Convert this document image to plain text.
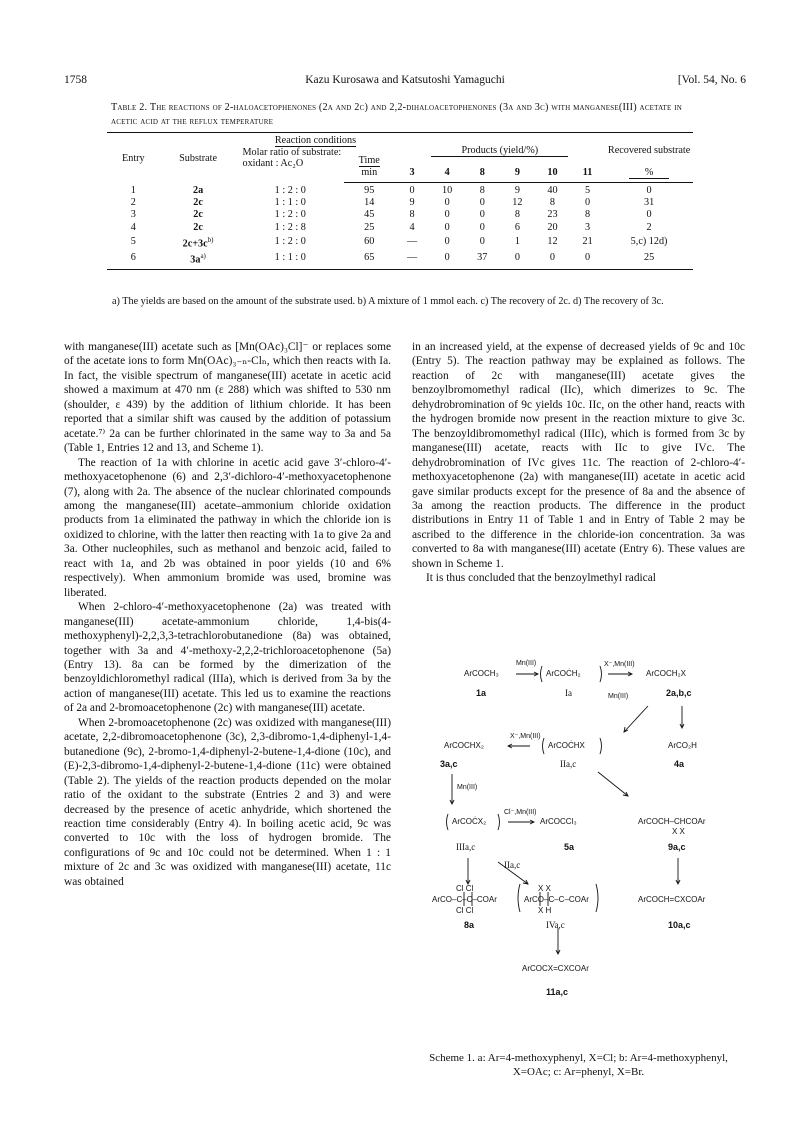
1758	Kazu Kurosawa and Katsutoshi Yamaguchi	[Vol. 54, No. 6
Table 2. The reactions of 2-haloacetophenones (2a and 2c) and 2,2-dihaloacetophenones (3a and 3c) with manganese(III) acetate in acetic acid at the reflux temperature
Entry	Substrate	Reaction conditions		Products (yield/%)						Recovered substrate
		Molar ratio of substrate: oxidant : Ac₂O	Time							
			min	3	4	8	9	10	11	%
1	2a	1 : 2 : 0	95	0	10	8	9	40	5	0
2	2c	1 : 1 : 0	14	9	0	0	12	8	0	31
3	2c	1 : 2 : 0	45	8	0	0	8	23	8	0
4	2c	1 : 2 : 8	25	4	0	0	6	20	3	2
5	$2c+3c^{b)}$	1 : 2 : 0	60	—	0	0	1	12	21	5,c) 12d)
6	$3a^{a)}$	1 : 1 : 0	65	—	0	37	0	0	0	25
a) The yields are based on the amount of the substrate used. b) A mixture of 1 mmol each. c) The recovery of 2c. d) The recovery of 3c.

with manganese(III) acetate such as [Mn(OAc)₃Cl]⁻ or replaces some of the acetate ions to form Mn(OAc)₃₋ₙ-Clₙ, which then reacts with Ia. In fact, the visible spectrum of manganese(III) acetate in acetic acid showed a maximum at 470 nm (ε 288) which was shifted to 530 nm (shoulder, ε 439) by the addition of lithium chloride. It has been reported that a similar shift was caused by the addition of potassium acetate.⁷⁾ 2a can be further chlorinated in the same way to 3a and 5a (Table 1, Entries 12 and 13, and Scheme 1).

The reaction of 1a with chlorine in acetic acid gave 3′-chloro-4′-methoxyacetophenone (6) and 2,3′-dichloro-4′-methoxyacetophenone (7), along with 2a. The absence of the nuclear chlorinated compounds among the manganese(III) acetate–ammonium chloride oxidation products from 1a eliminated the pathway in which the chloride ion is oxidized to chlorine, with the latter then reacting with 1a to give 2a and 3a. Other nucleophiles, such as methanol and benzoic acid, failed to react with 1a, and 2b was obtained in poor yields (10 and 6% respectively). When ammonium bromide was used, bromine was liberated.

When 2-chloro-4′-methoxyacetophenone (2a) was treated with manganese(III) acetate-ammonium chloride, 1,4-bis(4-methoxyphenyl)-2,2,3,3-tetrachlorobutanedione (8a) was obtained, together with 3a and 4′-methoxy-2,2,2-trichloroacetophenone (5a) (Entry 13). 8a can be formed by the dimerization of the benzoyldichloromethyl radical (IIIa), which is derived from 3a by the action of manganese(III) acetate. This led us to examine the reactions of 2a and 2-bromoacetophenone (2c) with manganese(III) acetate.

When 2-bromoacetophenone (2c) was oxidized with manganese(III) acetate, 2,2-dibromoacetophenone (3c), 2,3-dibromo-1,4-diphenyl-1,4-butanedione (9c), 2-bromo-1,4-diphenyl-2-butene-1,4-dione (10c), and (E)-2,3-dibromo-1,4-diphenyl-2-butene-1,4-dione (11c) were obtained (Table 2). The yields of the reaction products depended on the molar ratio of the oxidant to the substrate (Entries 2 and 3) and were decreased by the presence of acetic anhydride, which shortened the reaction time considerably (Entry 4). In boiling acetic acid, 9c was converted to 10c with the loss of hydrogen bromide. The configurations of 9c and 10c could not be determined. When 1 : 1 mixture of 2c and 3c was oxidized with manganese(III) acetate, 11c was obtained

in an increased yield, at the expense of decreased yields of 9c and 10c (Entry 5). The reaction pathway may be explained as follows. The reaction of 2c with manganese(III) acetate gives the benzoylbromomethyl radical (IIc), which dimerizes to 9c. The dehydrobromination of 9c yields 10c. IIc, on the other hand, reacts with the hydrogen bromide now present in the reaction mixture to give 3c. The benzoyldibromomethyl radical (IIIc), which is formed from 3c by manganese(III) acetate, reacts with IIc to give IVc. The dehydrobromination of IVc gives 11c. The reaction of 2-chloro-4′-methoxyacetophenone (2a) with manganese(III) acetate in acetic acid gave similar products except for the presence of 8a and the absence of 3a among the reaction products. The difference in the product distributions in Entry 11 of Table 1 and in Entry of Table 2 may be ascribed to the difference in the chloride-ion concentration. 3a was converted to 8a with manganese(III) acetate (Entry 6). These values are shown in Scheme 1.

It is thus concluded that the benzoylmethyl radical

ArCOCH₃
Mn(III)
ArCOĊH₂
X⁻,Mn(III)
ArCOCH₂X
1a	Ia	Mn(III)	2a,b,c
ArCOCHX₂
X⁻,Mn(III)
ArCOĊHX	ArCO₂H
3a,c	IIa,c	4a
Mn(III)
ArCOĊX₂
Cl⁻,Mn(III)
ArCOCCl₃	ArCOCH–CHCOAr
X X
IIIa,c	5a	9a,c
IIa,c
Cl Cl
ArCO–C–C–COAr
Cl Cl
X X
ArCO–C–C–COAr
X H
ArCOCH=CXCOAr
8a	IVa,c	10a,c
ArCOCX=CXCOAr
11a,c
Scheme 1. a: Ar=4-methoxyphenyl, X=Cl; b: Ar=4-methoxyphenyl, X=OAc; c: Ar=phenyl, X=Br.
